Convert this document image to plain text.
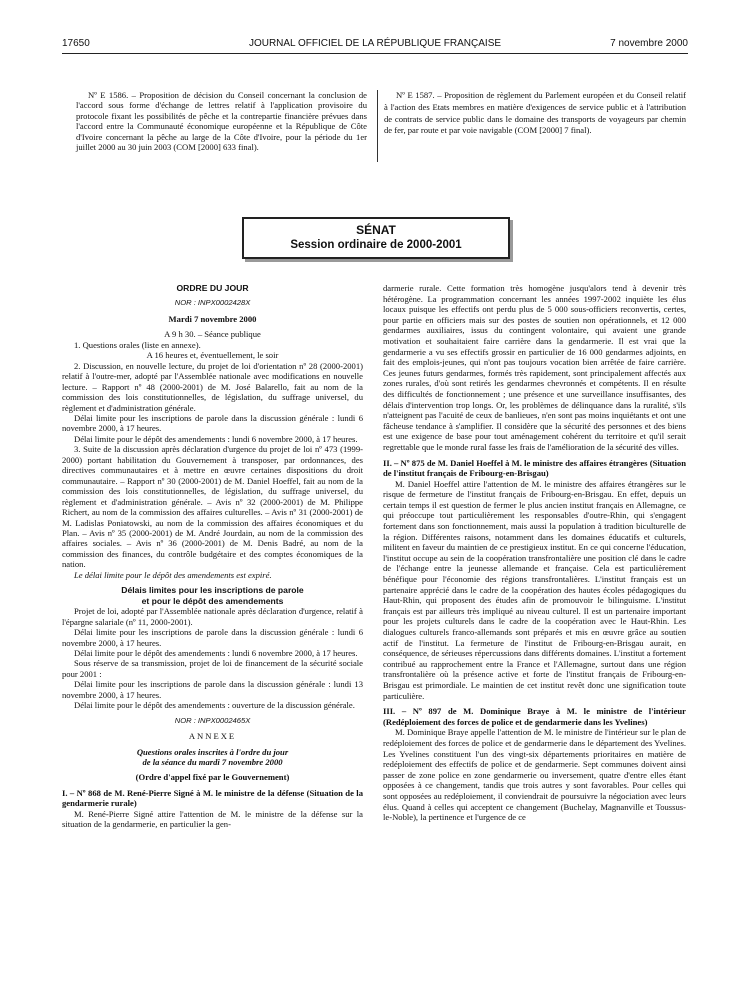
17650	JOURNAL OFFICIEL DE LA RÉPUBLIQUE FRANÇAISE	7 novembre 2000

Nº E 1586. – Proposition de décision du Conseil concernant la conclusion de l'accord sous forme d'échange de lettres relatif à l'application provisoire du protocole fixant les possibilités de pêche et la contrepartie financière prévues dans l'accord entre la Communauté économique européenne et la République de Côte d'Ivoire concernant la pêche au large de la Côte d'Ivoire, pour la période du 1er juillet 2000 au 30 juin 2003 (COM [2000] 633 final).

Nº E 1587. – Proposition de règlement du Parlement européen et du Conseil relatif à l'action des Etats membres en matière d'exigences de service public et à l'attribution de contrats de service public dans le domaine des transports de voyageurs par chemin de fer, par route et par voie navigable (COM [2000] 7 final).

SÉNAT
Session ordinaire de 2000-2001

ORDRE DU JOUR

NOR : INPX0002428X

Mardi 7 novembre 2000

A 9 h 30. – Séance publique

1. Questions orales (liste en annexe).

A 16 heures et, éventuellement, le soir

2. Discussion, en nouvelle lecture, du projet de loi d'orientation nº 28 (2000-2001) relatif à l'outre-mer, adopté par l'Assemblée nationale avec modifications en nouvelle lecture. – Rapport nº 48 (2000-2001) de M. José Balarello, fait au nom de la commission des lois constitutionnelles, de législation, du suffrage universel, du règlement et d'administration générale.

Délai limite pour les inscriptions de parole dans la discussion générale : lundi 6 novembre 2000, à 17 heures.

Délai limite pour le dépôt des amendements : lundi 6 novembre 2000, à 17 heures.

3. Suite de la discussion après déclaration d'urgence du projet de loi nº 473 (1999-2000) portant habilitation du Gouvernement à transposer, par ordonnances, des directives communautaires et à mettre en œuvre certaines dispositions du droit communautaire. – Rapport nº 30 (2000-2001) de M. Daniel Hoeffel, fait au nom de la commission des lois constitutionnelles, de législation, du suffrage universel, du règlement et d'administration générale. – Avis nº 32 (2000-2001) de M. Philippe Richert, au nom de la commission des affaires culturelles. – Avis nº 31 (2000-2001) de M. Ladislas Poniatowski, au nom de la commission des affaires économiques et du Plan. – Avis nº 35 (2000-2001) de M. André Jourdain, au nom de la commission des affaires sociales. – Avis nº 36 (2000-2001) de M. Denis Badré, au nom de la commission des finances, du contrôle budgétaire et des comptes économiques de la nation.

Le délai limite pour le dépôt des amendements est expiré.

Délais limites pour les inscriptions de parole

et pour le dépôt des amendements

Projet de loi, adopté par l'Assemblée nationale après déclaration d'urgence, relatif à l'épargne salariale (nº 11, 2000-2001).

Délai limite pour les inscriptions de parole dans la discussion générale : lundi 6 novembre 2000, à 17 heures.

Délai limite pour le dépôt des amendements : lundi 6 novembre 2000, à 17 heures.

Sous réserve de sa transmission, projet de loi de financement de la sécurité sociale pour 2001 :

Délai limite pour les inscriptions de parole dans la discussion générale : lundi 13 novembre 2000, à 17 heures.

Délai limite pour le dépôt des amendements : ouverture de la discussion générale.

NOR : INPX0002465X

ANNEXE

Questions orales inscrites à l'ordre du jour

de la séance du mardi 7 novembre 2000

(Ordre d'appel fixé par le Gouvernement)

I. – Nº 868 de M. René-Pierre Signé à M. le ministre de la défense (Situation de la gendarmerie rurale)

M. René-Pierre Signé attire l'attention de M. le ministre de la défense sur la situation de la gendarmerie, en particulier la gen-

darmerie rurale. Cette formation très homogène jusqu'alors tend à devenir très hétérogène. La programmation concernant les années 1997-2002 inquiète les élus locaux puisque les effectifs ont perdu plus de 5 000 sous-officiers reconvertis, certes, pour partie en officiers mais sur des postes de soutien non opérationnels, et 12 000 gendarmes auxiliaires, issus du contingent volontaire, qui avaient une grande motivation et souhaitaient faire carrière dans la gendarmerie. Il est vrai que la gendarmerie a vu ses effectifs grossir en particulier de 16 000 gendarmes adjoints, en fait des emplois-jeunes, qui n'ont pas toujours vocation bien arrêtée de faire carrière. Ces jeunes futurs gendarmes, formés très rapidement, sont principalement affectés aux zones rurales, d'où sont retirés les gendarmes chevronnés et compétents. Il en résulte des difficultés de fonctionnement ; une présence et une surveillance insuffisantes, des délais d'intervention trop longs. Or, les problèmes de délinquance dans la ruralité, s'ils n'atteignent pas l'acuité de ceux de banlieues, n'en sont pas moins inquiétants et ont une fâcheuse tendance à s'amplifier. Il considère que la sécurité des personnes et des biens est une exigence de base pour tout aménagement cohérent du territoire et qu'il serait regrettable que le monde rural fasse les frais de l'amélioration de la sécurité des villes.

II. – Nº 875 de M. Daniel Hoeffel à M. le ministre des affaires étrangères (Situation de l'institut français de Fribourg-en-Brisgau)

M. Daniel Hoeffel attire l'attention de M. le ministre des affaires étrangères sur le risque de fermeture de l'institut français de Fribourg-en-Brisgau. En effet, depuis un certain temps il est question de fermer le plus ancien institut français en Allemagne, ce qui préoccupe tout particulièrement les responsables d'outre-Rhin, qui s'engagent fortement dans son fonctionnement, mais aussi la population à tradition biculturelle de la région. Différentes raisons, notamment dans les domaines éducatifs et culturels, militent en faveur du maintien de ce prestigieux institut. En ce qui concerne l'éducation, l'institut occupe au sein de la coopération transfrontalière une position clé dans le cadre de l'échange entre la jeunesse allemande et française. Cela est particulièrement bénéfique pour l'économie des régions transfrontalières. L'institut français est un partenaire apprécié dans le cadre de la coopération des hautes écoles pédagogiques du Haut-Rhin, qui proposent des études afin de promouvoir le bilinguisme. L'institut français est par ailleurs très impliqué au niveau culturel. Il est un partenaire important pour les projets culturels dans le cadre de la coopération avec le Haut-Rhin. Les dialogues culturels franco-allemands sont préparés et mis en œuvre grâce au soutien actif de l'institut. La fermeture de l'institut de Fribourg-en-Brisgau aurait, en conséquence, de sérieuses répercussions dans différents domaines. L'institut a fortement contribué au rapprochement entre la France et l'Allemagne, surtout dans une région transfrontalière où la présence active et forte de l'institut français de Fribourg-en-Brisgau est primordiale. Le maintien de cet institut revêt donc une signification toute particulière.

III. – Nº 897 de M. Dominique Braye à M. le ministre de l'intérieur (Redéploiement des forces de police et de gendarmerie dans les Yvelines)

M. Dominique Braye appelle l'attention de M. le ministre de l'intérieur sur le plan de redéploiement des forces de police et de gendarmerie dans le département des Yvelines. Les Yvelines constituent l'un des vingt-six départements prioritaires en matière de redéploiement des effectifs de police et de gendarmerie. Sept communes doivent ainsi passer de zone police en zone gendarmerie ou inversement, quatre d'entre elles étant opposées à ce changement, tandis que trois autres y sont favorables. Pour celles qui sont opposées au redéploiement, il conviendrait de poursuivre la négociation avec leurs élus. Quand à celles qui acceptent ce changement (Buchelay, Magnanville et Toussus-le-Noble), la pertinence et l'urgence de ce
